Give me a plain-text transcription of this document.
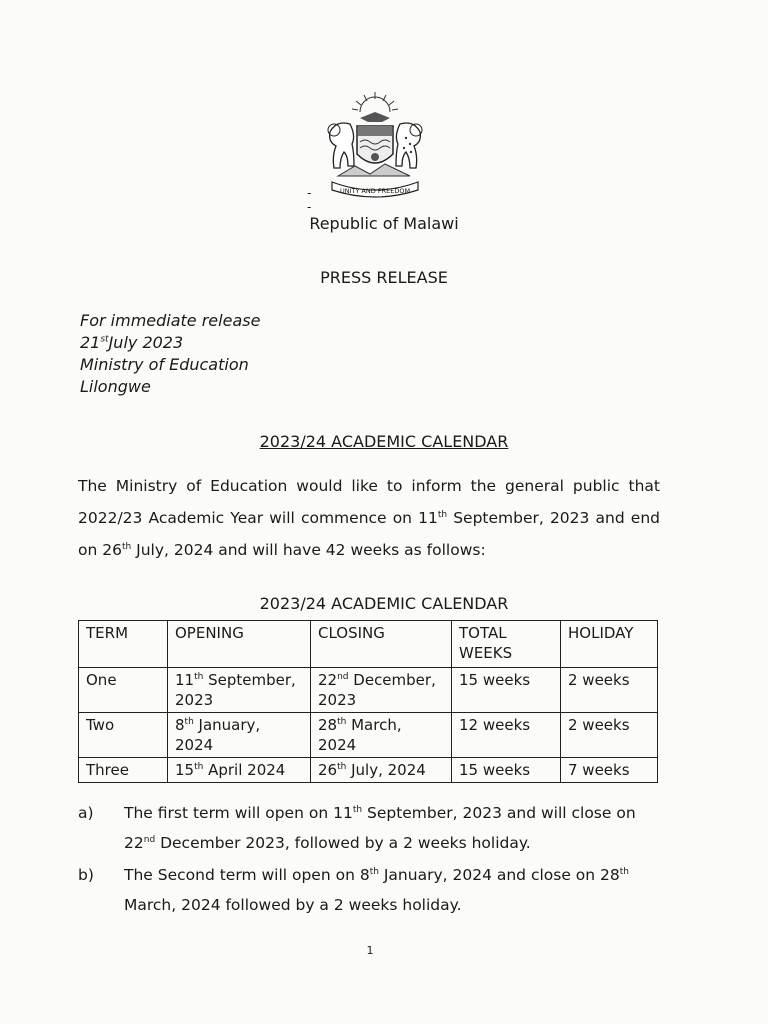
UNITY AND FREEDOM
-
-
Republic of Malawi
PRESS RELEASE
For immediate release
21stJuly 2023
Ministry of Education
Lilongwe
2023/24 ACADEMIC CALENDAR

The Ministry of Education would like to inform the general public that 2022/23 Academic Year will commence on 11th September, 2023 and end on 26th July, 2024 and will have 42 weeks as follows:

2023/24 ACADEMIC CALENDAR
TERM	OPENING	CLOSING	TOTAL WEEKS	HOLIDAY
One	11th September, 2023	22nd December, 2023	15 weeks	2 weeks
Two	8th January, 2024	28th March, 2024	12 weeks	2 weeks
Three	15th April 2024	26th July, 2024	15 weeks	7 weeks
a) The first term will open on 11th September, 2023 and will close on 22nd December 2023, followed by a 2 weeks holiday.
b) The Second term will open on 8th January, 2024 and close on 28th March, 2024 followed by a 2 weeks holiday.
1
